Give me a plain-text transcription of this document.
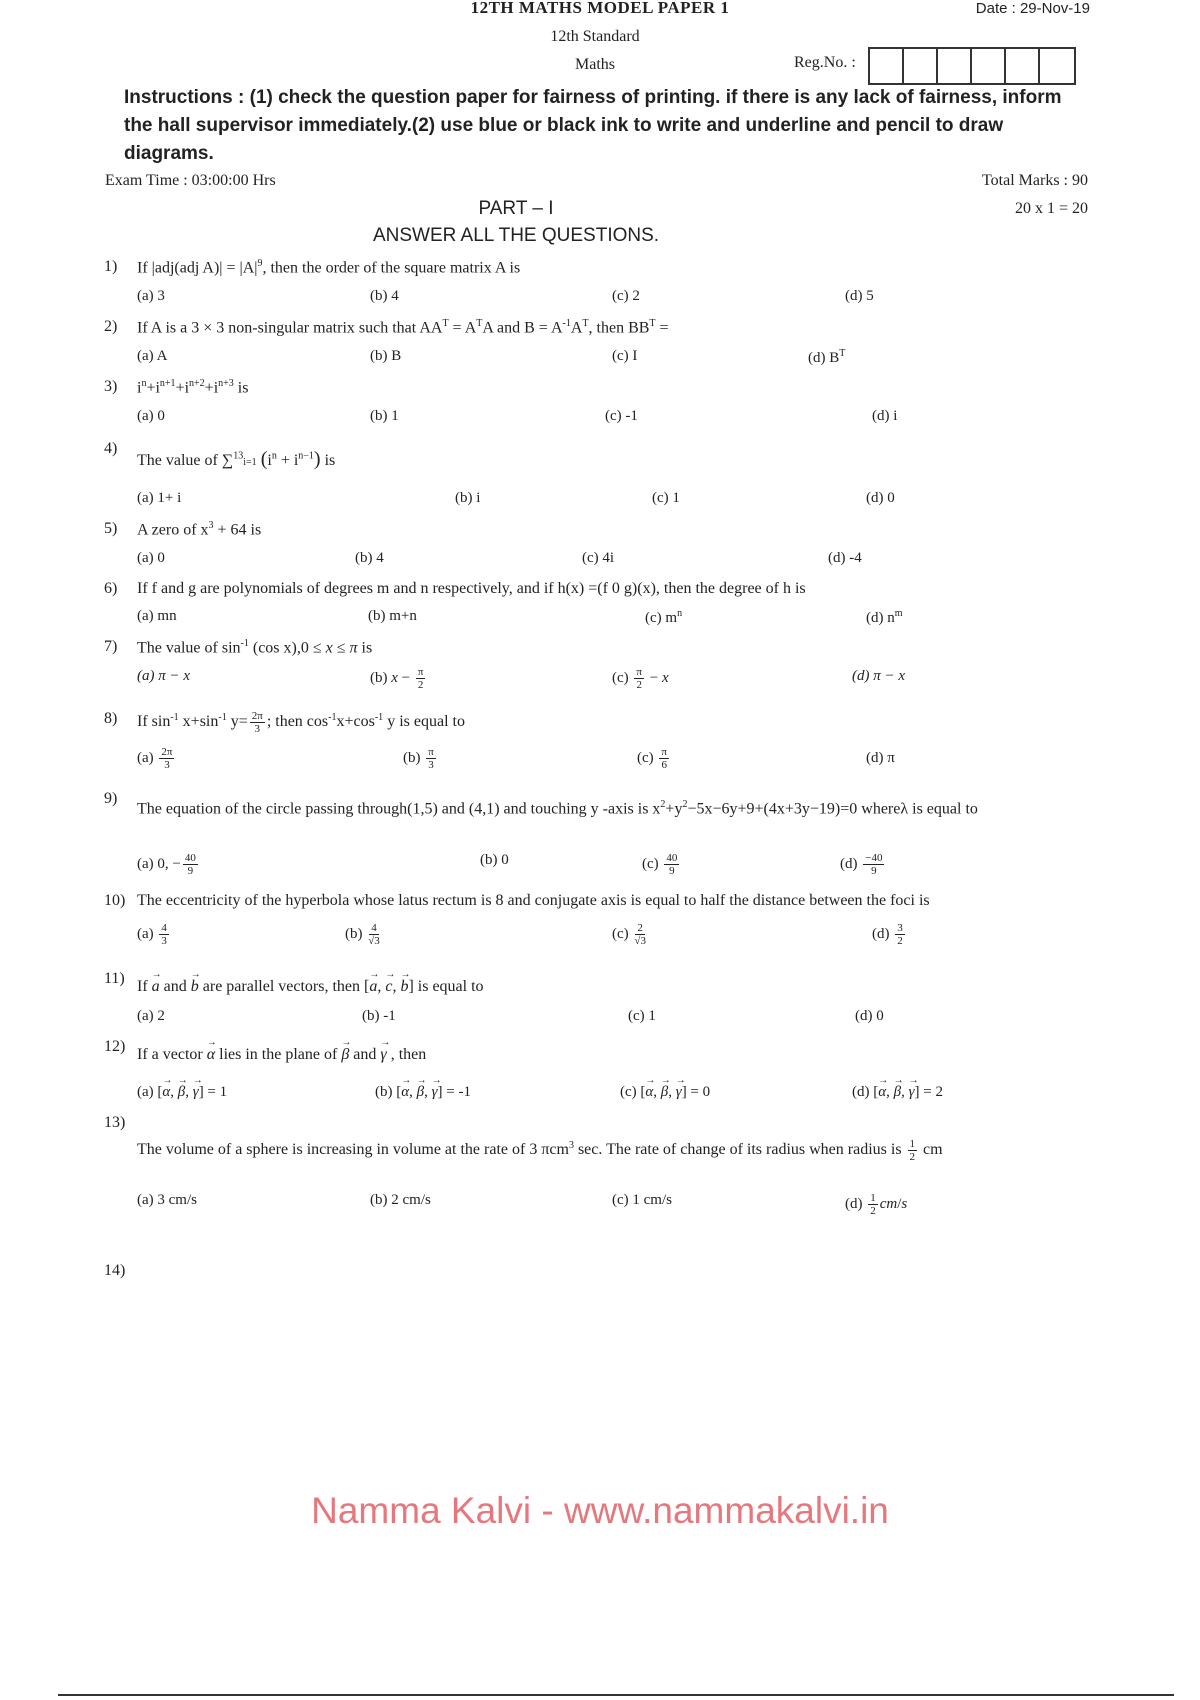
12TH MATHS MODEL PAPER 1	Date : 29-Nov-19
12th Standard
Maths	Reg.No. :
Instructions : (1) check the question paper for fairness of printing. if there is any lack of fairness, inform the hall supervisor immediately.(2) use blue or black ink to write and underline and pencil to draw diagrams.
Exam Time : 03:00:00 Hrs	Total Marks : 90
PART – I	20 x 1 = 20
ANSWER ALL THE QUESTIONS.
1) If |adj(adj $A)| = |A|^9$, then the order of the square matrix A is
(a) 3	(b) 4	(c) 2	(d) 5
2) If A is a 3 × 3 non-singular matrix such that $AA^T = A^TA$ and $B = A^{-1}A^T$, then $BB^T$ =
(a) A	(b) B	(c) I	(d) $B^T$
3) $i^n+i^{n+1}+i^{n+2}+i^{n+3}$ is
(a) 0	(b) 1	(c) -1	(d) i
4)
The value of ∑$^{13}$i=1 $(i^n + i^{n-1})$ is
(a) 1+ i	(b) i	(c) 1	(d) 0
5) A zero of $x^3 + 64$ is
(a) 0	(b) 4	(c) 4i	(d) -4
6) If f and g are polynomials of degrees m and n respectively, and if h(x) =(f 0 g)(x), then the degree of h is
(a) mn	(b) m+n	(c) $m^n$	(d) $n^m$
7) The value of $\sin^{-1} (\cos$ x),0 ≤ x ≤ π is
(a) π − x	(b) $x - \frac{\pi}{2}$	$(c) \frac{\pi}{2} - x$	(d) π − x
8) If $\sin^{-1} x+\sin^{-1}$ $y= \frac{2\pi}{3}$ ; then $\cos^{-1}x+\cos^{-1}$ y is equal to
$(a) \frac{2\pi}{3}$	$(b) \frac{\pi}{3}$	$(c) \frac{\pi}{6}$	(d) π
9)
The equation of the circle passing through(1,5) and (4,1) and touching y -axis is $x^2+y^2-5x-6y+9+(4x+3y-19)=0$ whereλ is equal to
(a) 0, − $\frac{40}{9}$	(b) 0	$(c) \frac{40}{9}$	$(d) \frac{-40}{9}$
10) The eccentricity of the hyperbola whose latus rectum is 8 and conjugate axis is equal to half the distance between the foci is
$(a) \frac{4}{3}$	$(b) \frac{4}{√3}$	$(c) \frac{2}{√3}$	$(d) \frac{3}{2}$
11) If → a and → b are parallel vectors, then [→ a, → c, → b] is equal to
(a) 2	(b) -1	(c) 1	(d) 0
12) If a vector → α lies in the plane of → β and → γ , then
(a) [→ α, → β, → γ] = 1	(b) [→ α, → β, → γ] = -1	(c) [→ α, → β, → γ] = 0	(d) [→ α, → β, → γ] = 2
13)
The volume of a sphere is increasing in volume at the rate of 3 πcm$^3$ sec. The rate of change of its radius when radius is $\frac{1}{2}$ cm
(a) 3 cm/s	(b) 2 cm/s	(c) 1 cm/s	$(d) \frac{1}{2} cm/s$
14)
Namma Kalvi - www.nammakalvi.in
